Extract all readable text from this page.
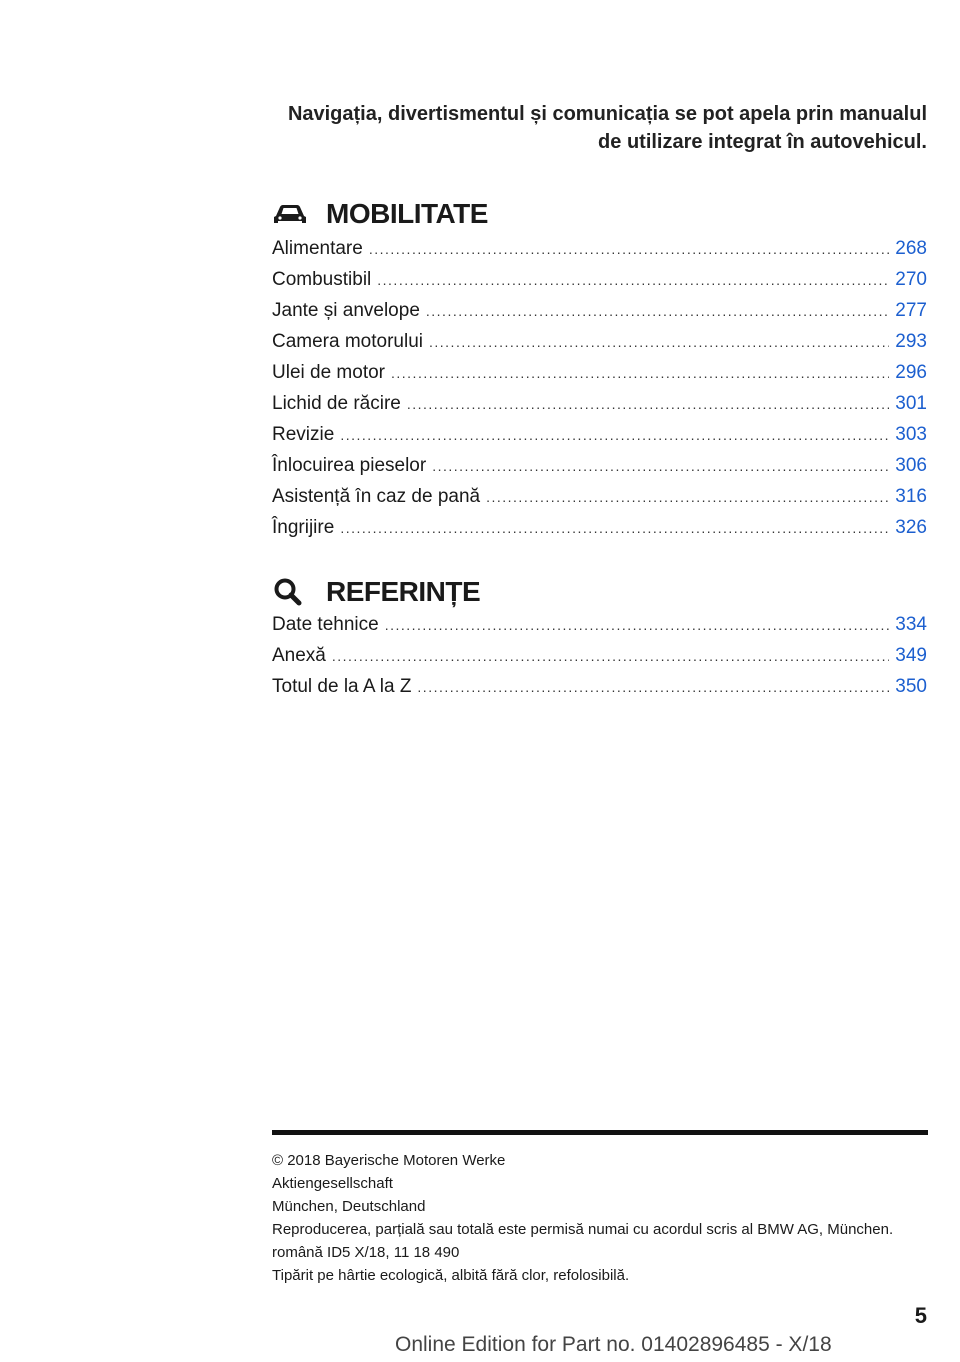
Navigația, divertismentul și comunicația se pot apela prin manualul
de utilizare integrat în autovehicul.
MOBILITATE
Alimentare .....	268
Combustibil .....	270
Jante și anvelope .....	277
Camera motorului .....	293
Ulei de motor .....	296
Lichid de răcire .....	301
Revizie .....	303
Înlocuirea pieselor .....	306
Asistență în caz de pană .....	316
Îngrijire .....	326
REFERINȚE
Date tehnice .....	334
Anexă .....	349
Totul de la A la Z .....	350
© 2018 Bayerische Motoren Werke
Aktiengesellschaft
München, Deutschland
Reproducerea, parțială sau totală este permisă numai cu acordul scris al BMW AG, München.
română ID5 X/18, 11 18 490
Tipărit pe hârtie ecologică, albită fără clor, refolosibilă.
5
Online Edition for Part no. 01402896485 - X/18
